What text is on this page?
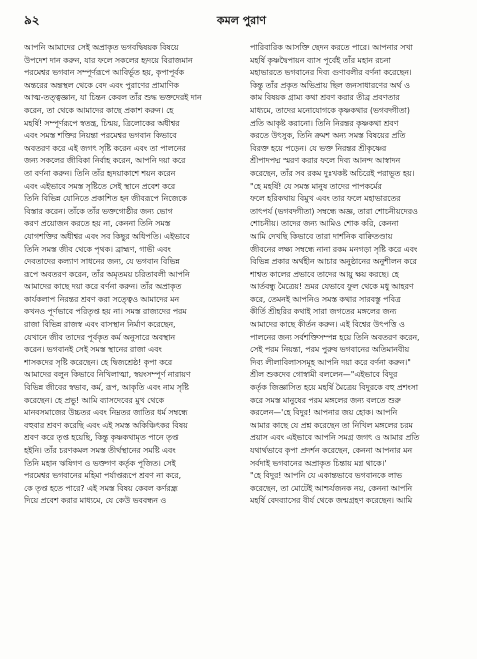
৯২	কমল পুরাণ
আপনি আমাদের সেই অপ্রাকৃত ভগবদ্বিষয়ক বিষয়ে
উপদেশ দান করুন, যার ফলে সকলের হৃদয়ে বিরাজমান
পরমেশ্বর ভগবান সম্পূর্ণরূপে আবির্ভূত হয়, কৃপাপূর্বক
অন্তরের অন্তস্থল থেকে বেদ এবং পুরাণের প্রামাণিক
আত্ম-তত্ত্বজ্ঞান, যা চিন্তন কেবল তাঁর শুদ্ধ ভক্তদেরই দান
করেন, তা থেকে আমাদের কাছে প্রকাশ করুন। হে
মহর্ষি! সম্পূর্ণরূপে স্বতন্ত্র, চিন্ময়, ত্রিলোকের অধীশ্বর
এবং সমস্ত শক্তির নিয়ন্তা পরমেশ্বর ভগবান কিভাবে
অবতরণ করে এই জগৎ সৃষ্টি করেন এবং তা পালনের
জন্য সকলের জীবিকা নির্বাহ করেন, আপনি দয়া করে
তা বর্ণনা করুন। তিনি তাঁর হৃদয়াকাশে শয়ন করেন
এবং এইভাবে সমস্ত সৃষ্টিতে সেই স্থানে প্রবেশ করে
তিনি বিভিন্ন যোনিতে প্রকাশিত হন জীবরূপে নিজেকে
বিস্তার করেন। তাঁকে তাঁর ভক্তগোষ্ঠীর জন্য ভোগ
করণ প্রয়োজন করতে হয় না, কেননা তিনি সমস্ত
যোগশক্তির অধীশ্বর এবং সব কিছুর অধিপতি। এইভাবে
তিনি সমস্ত জীব থেকে পৃথক। ব্রাহ্মণ, গাভী এবং
দেবতাদের কল্যাণ সাধনের জন্য, যে ভগবান বিভিন্ন
রূপে অবতরণ করেন, তাঁর অমৃতময় চরিতাবলী আপনি
আমাদের কাছে দয়া করে বর্ণনা করুন। তাঁর অপ্রাকৃত
কার্যকলাপ নিরন্তর শ্রবণ করা সত্ত্বেও আমাদের মন
কখনও পূর্ণভাবে পরিতৃপ্ত হয় না। সমস্ত রাজ্যদের পরম
রাজা বিভিন্ন রাজস্ব এবং বাসস্থান নির্মাণ করেছেন,
যেখানে জীব তাদের পূর্বকৃত কর্ম অনুসারে অবস্থান
করেন। ভগবানই সেই সমস্ত স্থানের রাজা এবং
শাসকদের সৃষ্টি করেছেন। হে দ্বিজশ্রেষ্ঠ! কৃপা করে
আমাদের বলুন কিভাবে নিখিলাত্মা, স্বয়ংসম্পূর্ণ নারায়ণ
বিভিন্ন জীবের স্বভাব, কর্ম, রূপ, আকৃতি এবং নাম সৃষ্টি
করেছেন। হে প্রভু! আমি ব্যাসদেবের মুখ থেকে
মানবসমাজের উচ্চতর এবং নিম্নতর জাতির ধর্ম সম্বন্ধে
বহুবার শ্রবণ করেছি এবং এই সমস্ত অকিঞ্চিৎকর বিষয়
শ্রবণ করে তৃপ্ত হয়েছি, কিন্তু কৃষ্ণকথামৃত পানে তৃপ্ত
হইনি। তাঁর চরণকমল সমস্ত তীর্থস্থানের সমষ্টি এবং
তিনি মহান ঋষিগণ ও ভক্তগণ কর্তৃক পূজিত। সেই
পরমেশ্বর ভগবানের মহিমা পর্যাপ্তরূপে শ্রবণ না করে,
কে তৃপ্ত হতে পারে? এই সমস্ত বিষয় কেবল কর্ণরন্ধ্র
দিয়ে প্রবেশ করার মাধ্যমে, যে কেউ ভববন্ধন ও
পারিবারিক আসক্তি ছেদন করতে পারে। আপনার সখা
মহর্ষি কৃষ্ণদ্বৈপায়ন ব্যাস পূর্বেই তাঁর মহান রচনা
মহাভারতে ভগবানের দিব্য গুণাবলীর বর্ণনা করেছেন।
কিন্তু তাঁর প্রকৃত অভিপ্রায় ছিল জনসাধারণের অর্থ ও
কাম বিষয়ক গ্রাম্য কথা শ্রবণ করার তীব্র প্রবণতার
মাধ্যমে, তাদের মনোযোগকে কৃষ্ণকথার (ভগবদ্গীতা)
প্রতি আকৃষ্ট করানো। তিনি নিরন্তর কৃষ্ণকথা শ্রবণ
করতে উৎসুক, তিনি ক্রমশ অন্য সমস্ত বিষয়ের প্রতি
বিরক্ত হয়ে পড়েন। যে ভক্ত নিরন্তর শ্রীকৃষ্ণের
শ্রীপাদপদ্ম স্মরণ করার ফলে দিব্য আনন্দ আস্বাদন
করেছেন, তাঁর সব রকম দুঃখকষ্ট অচিরেই পরাভূত হয়।
"হে মহর্ষি! যে সমস্ত মানুষ তাদের পাপকর্মের
ফলে হরিকথায় বিমুখ এবং তার ফলে মহাভারতের
তাৎপর্য (ভগবদ্গীতা) সম্বন্ধে অজ্ঞ, তারা শোচনীয়দেরও
শোচনীয়। তাদের জন্য আমিও শোক করি, কেননা
আমি দেখছি কিভাবে তারা দার্শনিক বাক্বিতণ্ডায়
জীবনের লক্ষ্য সম্বন্ধে নানা রকম মনগড়া সৃষ্টি করে এবং
বিভিন্ন প্রকার অর্থহীন আচার অনুষ্ঠানের অনুশীলন করে
শাশ্বত কালের প্রভাবে তাদের আয়ু ক্ষয় করছে। হে
আর্তবন্ধু মৈত্রেয়! ভ্রমর যেভাবে ফুল থেকে মধু আহরণ
করে, তেমনই আপনিও সমস্ত কথার সারবস্তু পবিত্র
কীর্তি শ্রীহরির কথাই সারা জগতের মঙ্গলের জন্য
আমাদের কাছে কীর্তন করুন। এই বিশ্বের উৎপত্তি ও
পালনের জন্য সর্বশক্তিসম্পন্ন হয়ে তিনি অবতরণ করেন,
সেই পরম নিয়ন্তা, পরম পুরুষ ভগবানের অতিমানবীয়
দিব্য লীলাবিলাসসমূহ আপনি দয়া করে বর্ণনা করুন।"
শ্রীল শুকদেব গোস্বামী বললেন—"এইভাবে বিদুর
কর্তৃক জিজ্ঞাসিত হয়ে মহর্ষি মৈত্রেয় বিদুরকে বহু প্রশংসা
করে সমস্ত মানুষের পরম মঙ্গলের জন্য বলতে শুরু
করলেন—'হে বিদুর! আপনার জয় হোক। আপনি
আমার কাছে যে প্রশ্ন করেছেন তা নিখিল মঙ্গলের চরম
প্রয়াস এবং এইভাবে আপনি সমগ্র জগৎ ও আমার প্রতি
যথার্থভাবে কৃপা প্রদর্শন করেছেন, কেননা আপনার মন
সর্বদাই ভগবানের অপ্রাকৃত চিন্তায় মগ্ন থাকে।'
"হে বিদুর! আপনি যে একান্তভাবে ভগবানকে লাভ
করেছেন, তা মোটেই আশ্চর্যজনক নয়, কেননা আপনি
মহর্ষি বেদব্যাসের বীর্য থেকে জন্মগ্রহণ করেছেন। আমি
